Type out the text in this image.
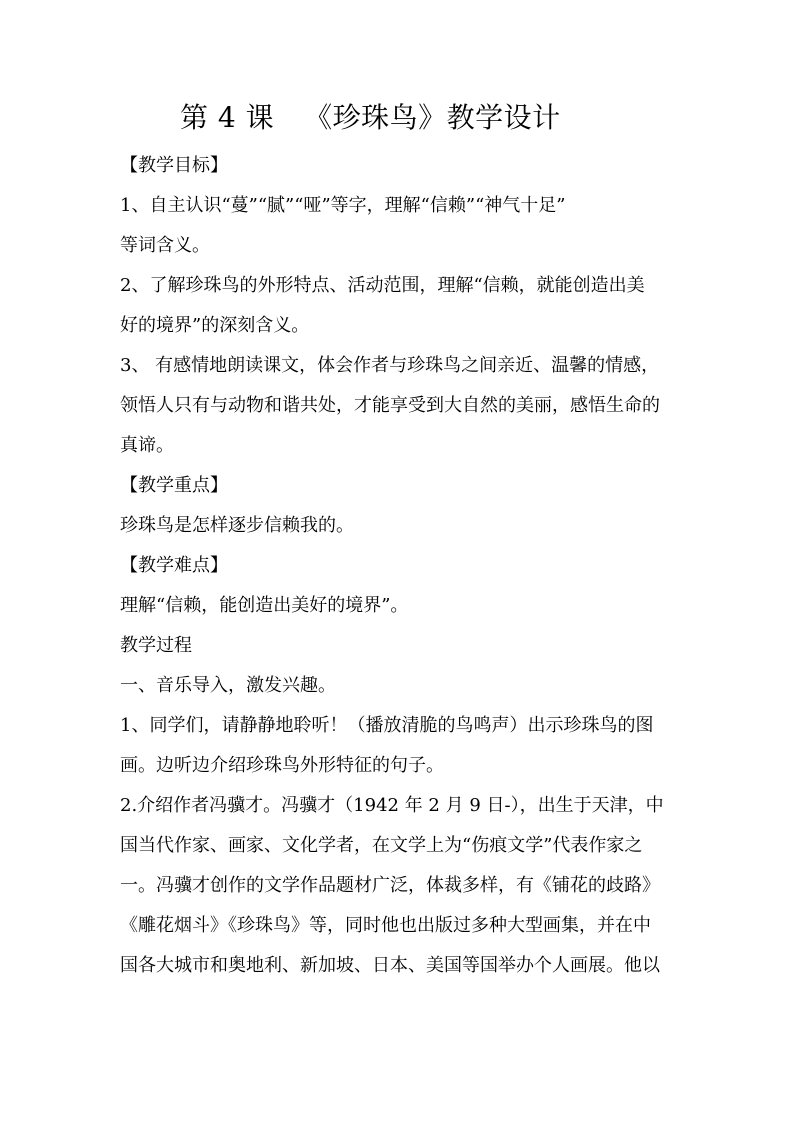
第 4 课 《珍珠鸟》教学设计

【教学目标】

1、自主认识“蔓”“腻”“哑”等字，理解“信赖”“神气十足”

等词含义。

2、了解珍珠鸟的外形特点、活动范围，理解“信赖，就能创造出美

好的境界”的深刻含义。

3、 有感情地朗读课文，体会作者与珍珠鸟之间亲近、温馨的情感，

领悟人只有与动物和谐共处，才能享受到大自然的美丽，感悟生命的

真谛。

【教学重点】

珍珠鸟是怎样逐步信赖我的。

【教学难点】

理解“信赖，能创造出美好的境界”。

教学过程

一、音乐导入，激发兴趣。

1、同学们，请静静地聆听！（播放清脆的鸟鸣声）出示珍珠鸟的图

画。边听边介绍珍珠鸟外形特征的句子。

2.介绍作者冯骥才。冯骥才（1942 年 2 月 9 日-），出生于天津，中

国当代作家、画家、文化学者，在文学上为“伤痕文学”代表作家之

一。冯骥才创作的文学作品题材广泛，体裁多样，有《铺花的歧路》

《雕花烟斗》《珍珠鸟》等，同时他也出版过多种大型画集，并在中

国各大城市和奥地利、新加坡、日本、美国等国举办个人画展。他以
